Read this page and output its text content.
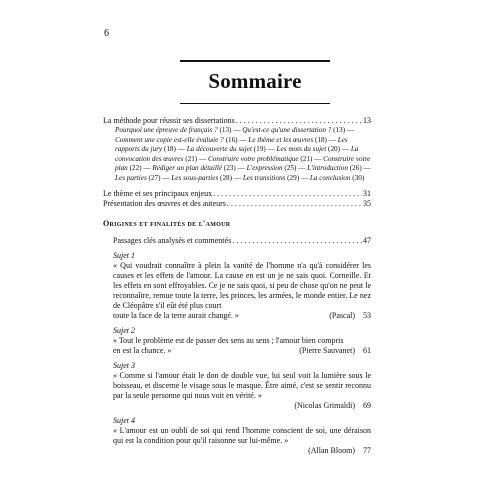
6
Sommaire
La méthode pour réussir ses dissertations . . .	13
Pourquoi une épreuve de français ? (13) — Qu'est-ce qu'une dissertation ? (13) — Comment une copie est-elle évaluée ? (16) — Le thème et les œuvres (18) — Les rapports du jury (18) — La découverte du sujet (19) — Les mots du sujet (20) — La convocation des œuvres (21) — Construire votre problématique (21) — Construire votre plan (22) — Rédiger un plan détaillé (23) — L'expression (25) — L'introduction (26) — Les parties (27) — Les sous-parties (28) — Les transitions (29) — La conclusion (30)
Le thème et ses principaux enjeux . . .	31
Présentation des œuvres et des auteurs . . .	35
Origines et finalités de l'amour
Passages clés analysés et commentés . . .	47
Sujet 1
« Qui voudrait connaître à plein la vanité de l'homme n'a qu'à considérer les causes et les effets de l'amour. La cause en est un je ne sais quoi. Corneille. Et les effets en sont effroyables. Ce je ne sais quoi, si peu de chose qu'on ne peut le reconnaître, remue toute la terre, les princes, les armées, le monde entier. Le nez de Cléopâtre s'il eût été plus court
toute la face de la terre aurait changé. »	(Pascal)	53
Sujet 2
« Tout le problème est de passer des sens au sens ; l'amour bien compris
en est la chance. »	(Pierre Sauvanet)	61
Sujet 3
« Comme si l'amour était le don de double vue, lui seul voit la lumière sous le boisseau, et discerne le visage sous le masque. Être aimé, c'est se sentir reconnu par la seule personne qui nous voit en vérité. »
(Nicolas Grimaldi)	69
Sujet 4
« L'amour est un oubli de soi qui rend l'homme conscient de soi, une déraison qui est la condition pour qu'il raisonne sur lui-même. »
(Allan Bloom)	77
